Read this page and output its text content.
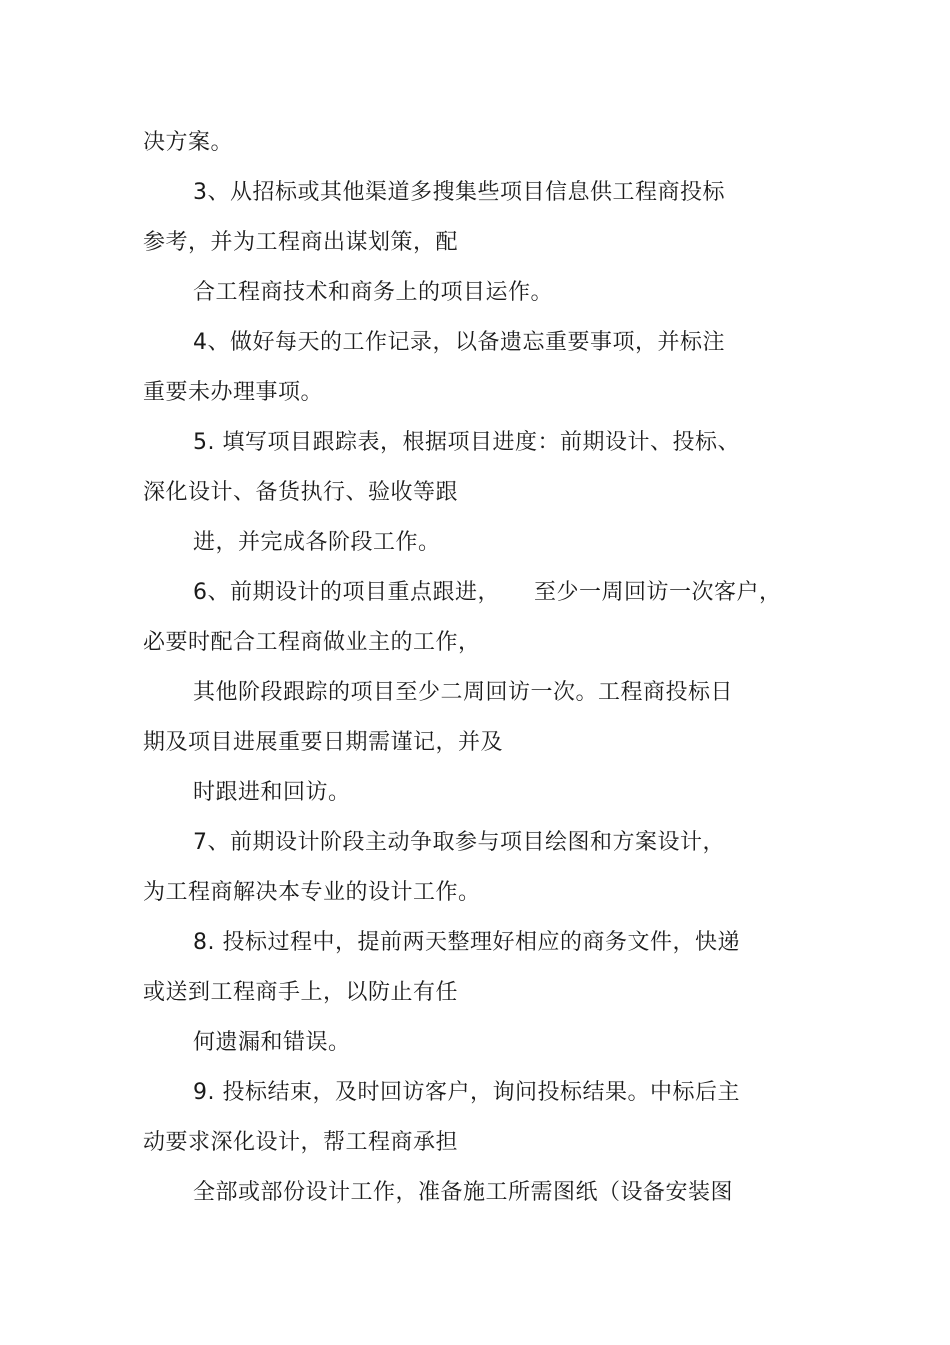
决方案。
3、从招标或其他渠道多搜集些项目信息供工程商投标
参考，并为工程商出谋划策，配
合工程商技术和商务上的项目运作。
4、做好每天的工作记录，以备遗忘重要事项，并标注
重要未办理事项。
5. 填写项目跟踪表，根据项目进度：前期设计、投标、
深化设计、备货执行、验收等跟
进，并完成各阶段工作。
6、前期设计的项目重点跟进，　　至少一周回访一次客户，
必要时配合工程商做业主的工作，
其他阶段跟踪的项目至少二周回访一次。工程商投标日
期及项目进展重要日期需谨记，并及
时跟进和回访。
7、前期设计阶段主动争取参与项目绘图和方案设计，
为工程商解决本专业的设计工作。
8. 投标过程中，提前两天整理好相应的商务文件，快递
或送到工程商手上，以防止有任
何遗漏和错误。
9. 投标结束，及时回访客户，询问投标结果。中标后主
动要求深化设计，帮工程商承担
全部或部份设计工作，准备施工所需图纸（设备安装图
